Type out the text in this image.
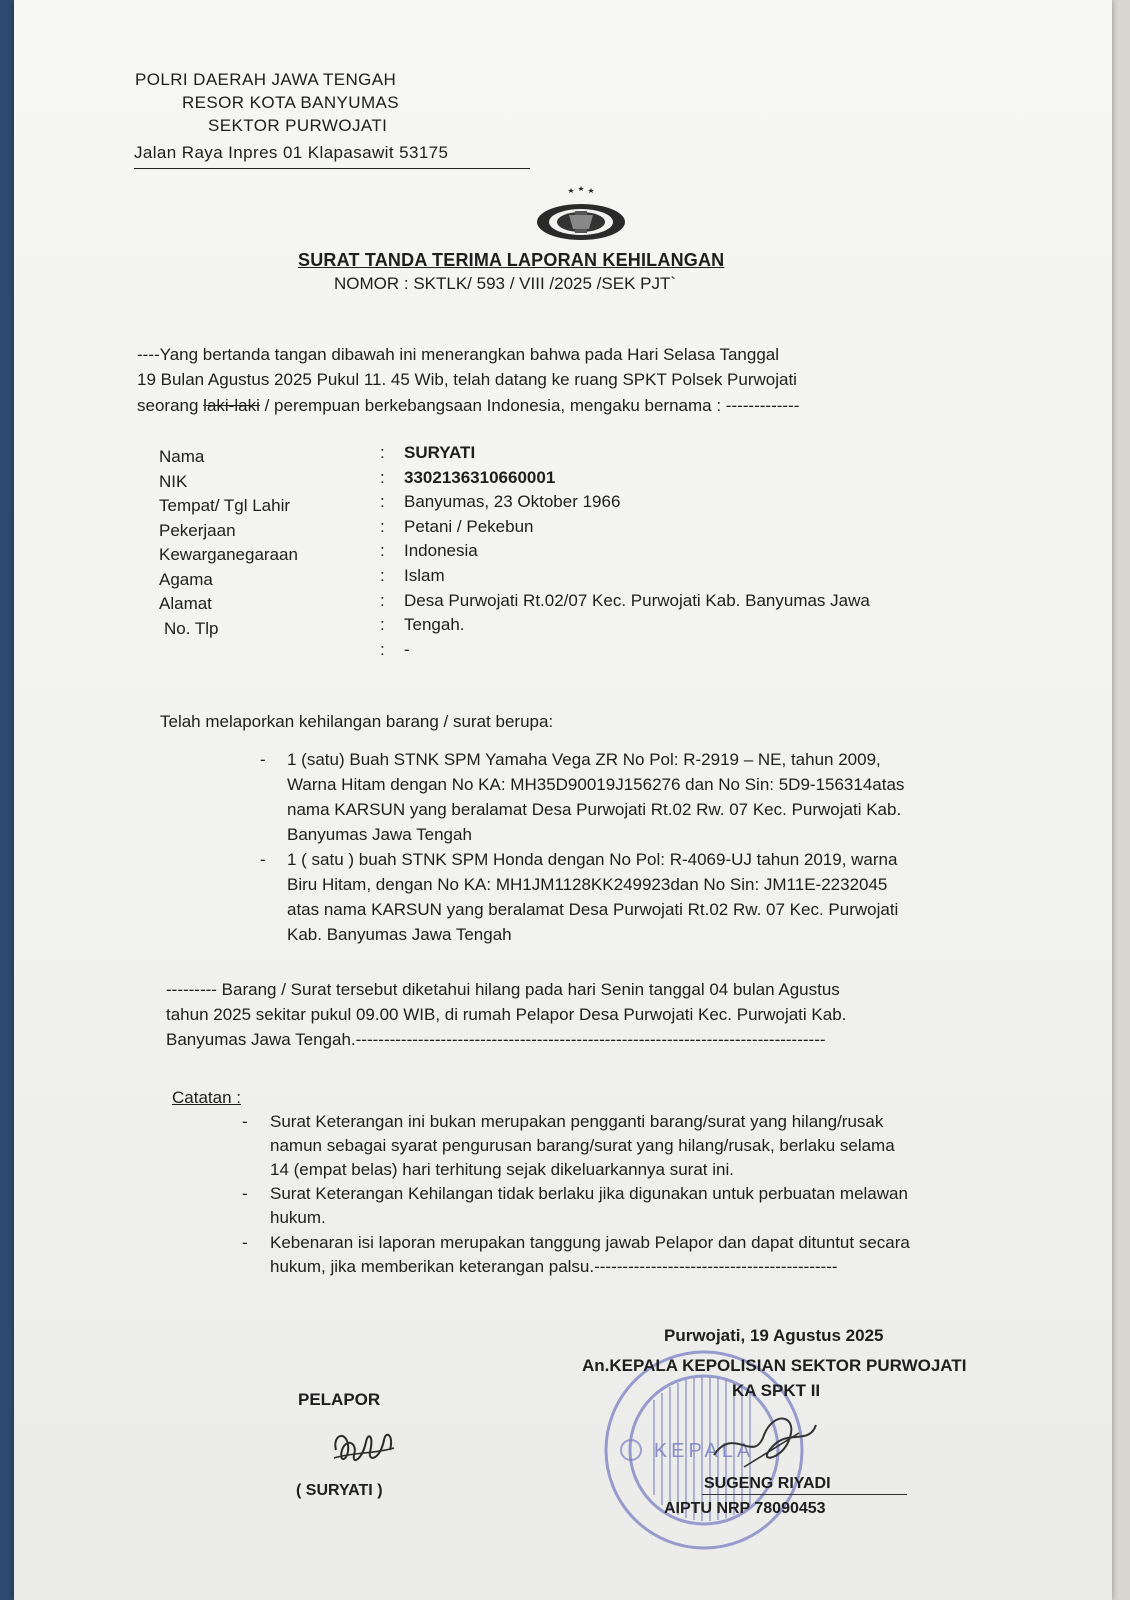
POLRI DAERAH JAWA TENGAH
RESOR KOTA BANYUMAS
SEKTOR PURWOJATI
Jalan Raya Inpres 01 Klapasawit 53175
SURAT TANDA TERIMA LAPORAN KEHILANGAN
NOMOR : SKTLK/ 593 / VIII /2025 /SEK PJT`
----Yang bertanda tangan dibawah ini menerangkan bahwa pada Hari Selasa Tanggal
19 Bulan Agustus 2025 Pukul 11. 45 Wib, telah datang ke ruang SPKT Polsek Purwojati
seorang laki-laki / perempuan berkebangsaan Indonesia, mengaku bernama : -------------
Nama
NIK
Tempat/ Tgl Lahir
Pekerjaan
Kewarganegaraan
Agama
Alamat
No. Tlp
:
:
:
:
:
:
:
:
:
SURYATI
3302136310660001
Banyumas, 23 Oktober 1966
Petani / Pekebun
Indonesia
Islam
Desa Purwojati Rt.02/07 Kec. Purwojati Kab. Banyumas Jawa
Tengah.
-
Telah melaporkan kehilangan barang / surat berupa:
- 1 (satu) Buah STNK SPM Yamaha Vega ZR No Pol: R-2919 – NE, tahun 2009,
Warna Hitam dengan No KA: MH35D90019J156276 dan No Sin: 5D9-156314atas
nama KARSUN yang beralamat Desa Purwojati Rt.02 Rw. 07 Kec. Purwojati Kab.
Banyumas Jawa Tengah
- 1 ( satu ) buah STNK SPM Honda dengan No Pol: R-4069-UJ tahun 2019, warna
Biru Hitam, dengan No KA: MH1JM1128KK249923dan No Sin: JM11E-2232045
atas nama KARSUN yang beralamat Desa Purwojati Rt.02 Rw. 07 Kec. Purwojati
Kab. Banyumas Jawa Tengah
--------- Barang / Surat tersebut diketahui hilang pada hari Senin tanggal 04 bulan Agustus
tahun 2025 sekitar pukul 09.00 WIB, di rumah Pelapor Desa Purwojati Kec. Purwojati Kab.
Banyumas Jawa Tengah.-----------------------------------------------------------------------------------
Catatan :
- Surat Keterangan ini bukan merupakan pengganti barang/surat yang hilang/rusak
namun sebagai syarat pengurusan barang/surat yang hilang/rusak, berlaku selama
14 (empat belas) hari terhitung sejak dikeluarkannya surat ini.
- Surat Keterangan Kehilangan tidak berlaku jika digunakan untuk perbuatan melawan
hukum.
- Kebenaran isi laporan merupakan tanggung jawab Pelapor dan dapat dituntut secara
hukum, jika memberikan keterangan palsu.-------------------------------------------
KEPALA
Purwojati, 19 Agustus 2025
An.KEPALA KEPOLISIAN SEKTOR PURWOJATI
KA SPKT II
SUGENG RIYADI
AIPTU NRP 78090453
PELAPOR
( SURYATI )
